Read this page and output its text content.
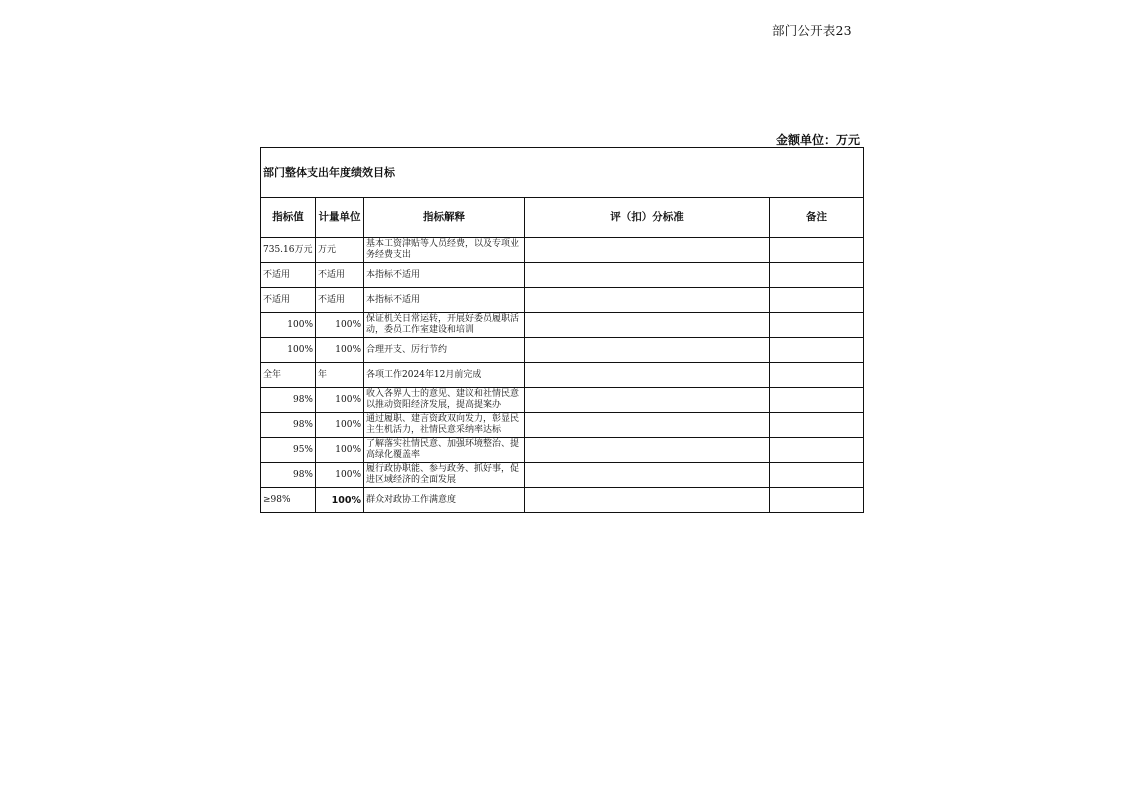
部门公开表23
金额单位：万元
部门整体支出年度绩效目标				
指标值	计量单位	指标解释	评（扣）分标准	备注
735.16万元	万元	基本工资津贴等人员经费，以及专项业务经费支出		
不适用	不适用	本指标不适用		
不适用	不适用	本指标不适用		
100%	100%	保证机关日常运转，开展好委员履职活动，委员工作室建设和培训		
100%	100%	合理开支、厉行节约		
全年	年	各项工作2024年12月前完成		
98%	100%	收入各界人士的意见、建议和社情民意以推动资阳经济发展，提高提案办		
98%	100%	通过履职、建言资政双向发力，彰显民主生机活力，社情民意采纳率达标		
95%	100%	了解落实社情民意、加强环境整治、提高绿化覆盖率		
98%	100%	履行政协职能、参与政务、抓好事，促进区域经济的全面发展		
≥98%	100%	群众对政协工作满意度		
